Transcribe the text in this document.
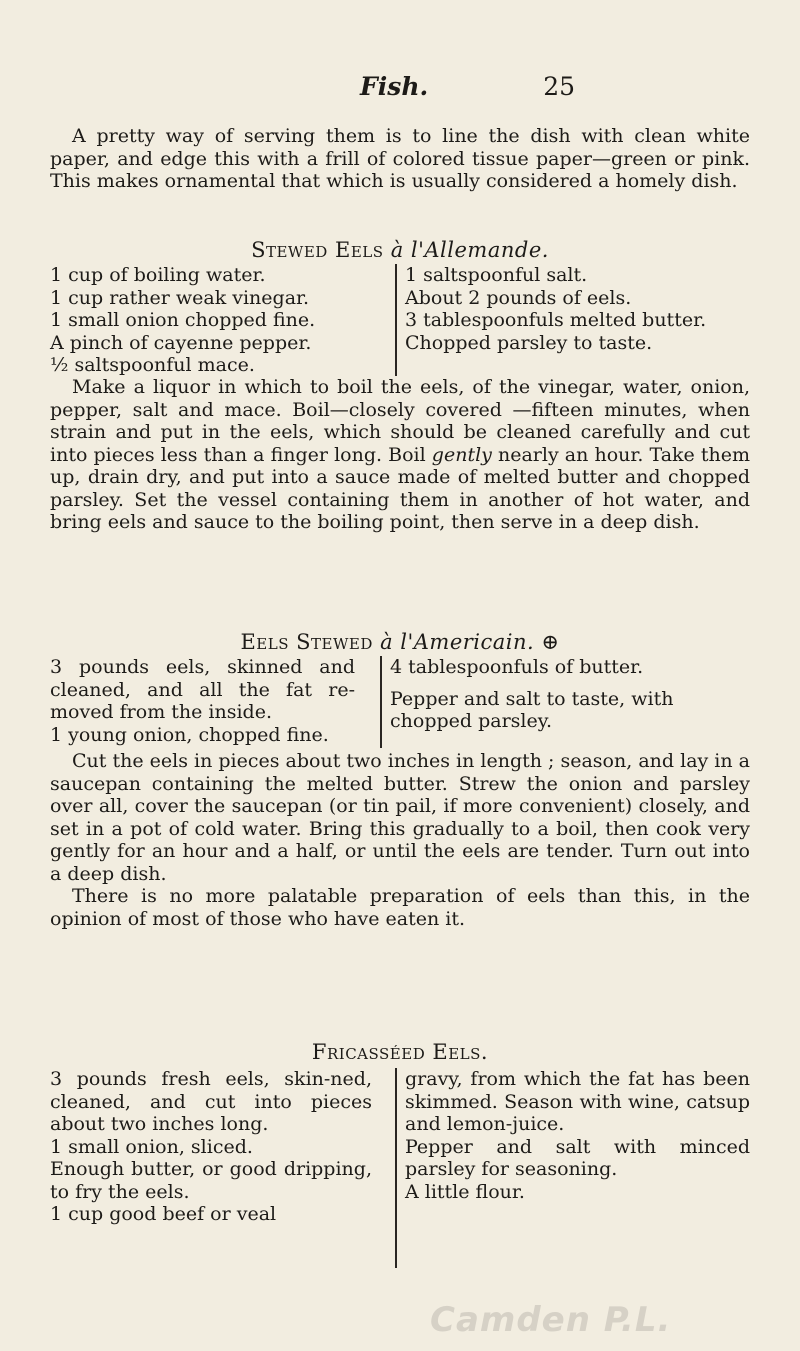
Fish.	25
A pretty way of serving them is to line the dish with clean white paper, and edge this with a frill of colored tissue paper—green or pink. This makes ornamental that which is usually considered a homely dish.
Stewed Eels à l'Allemande.

1 cup of boiling water.

1 cup rather weak vinegar.

1 small onion chopped fine.

A pinch of cayenne pepper.

½ saltspoonful mace.

1 saltspoonful salt.

About 2 pounds of eels.

3 tablespoonfuls melted butter.

Chopped parsley to taste.

Make a liquor in which to boil the eels, of the vinegar, water, onion, pepper, salt and mace. Boil—closely covered —fifteen minutes, when strain and put in the eels, which should be cleaned carefully and cut into pieces less than a finger long. Boil gently nearly an hour. Take them up, drain dry, and put into a sauce made of melted butter and chopped parsley. Set the vessel containing them in another of hot water, and bring eels and sauce to the boiling point, then serve in a deep dish.

Eels Stewed à l'Americain. ⊕

3 pounds eels, skinned and cleaned, and all the fat re-moved from the inside.

1 young onion, chopped fine.

4 tablespoonfuls of butter.

Pepper and salt to taste, with chopped parsley.

Cut the eels in pieces about two inches in length ; season, and lay in a saucepan containing the melted butter. Strew the onion and parsley over all, cover the saucepan (or tin pail, if more convenient) closely, and set in a pot of cold water. Bring this gradually to a boil, then cook very gently for an hour and a half, or until the eels are tender. Turn out into a deep dish.

There is no more palatable preparation of eels than this, in the opinion of most of those who have eaten it.

Fricasséed Eels.

3 pounds fresh eels, skin-ned, cleaned, and cut into pieces about two inches long.

1 small onion, sliced.

Enough butter, or good dripping, to fry the eels.

1 cup good beef or veal

gravy, from which the fat has been skimmed. Season with wine, catsup and lemon-juice.

Pepper and salt with minced parsley for seasoning.

A little flour.

Camden P.L.
